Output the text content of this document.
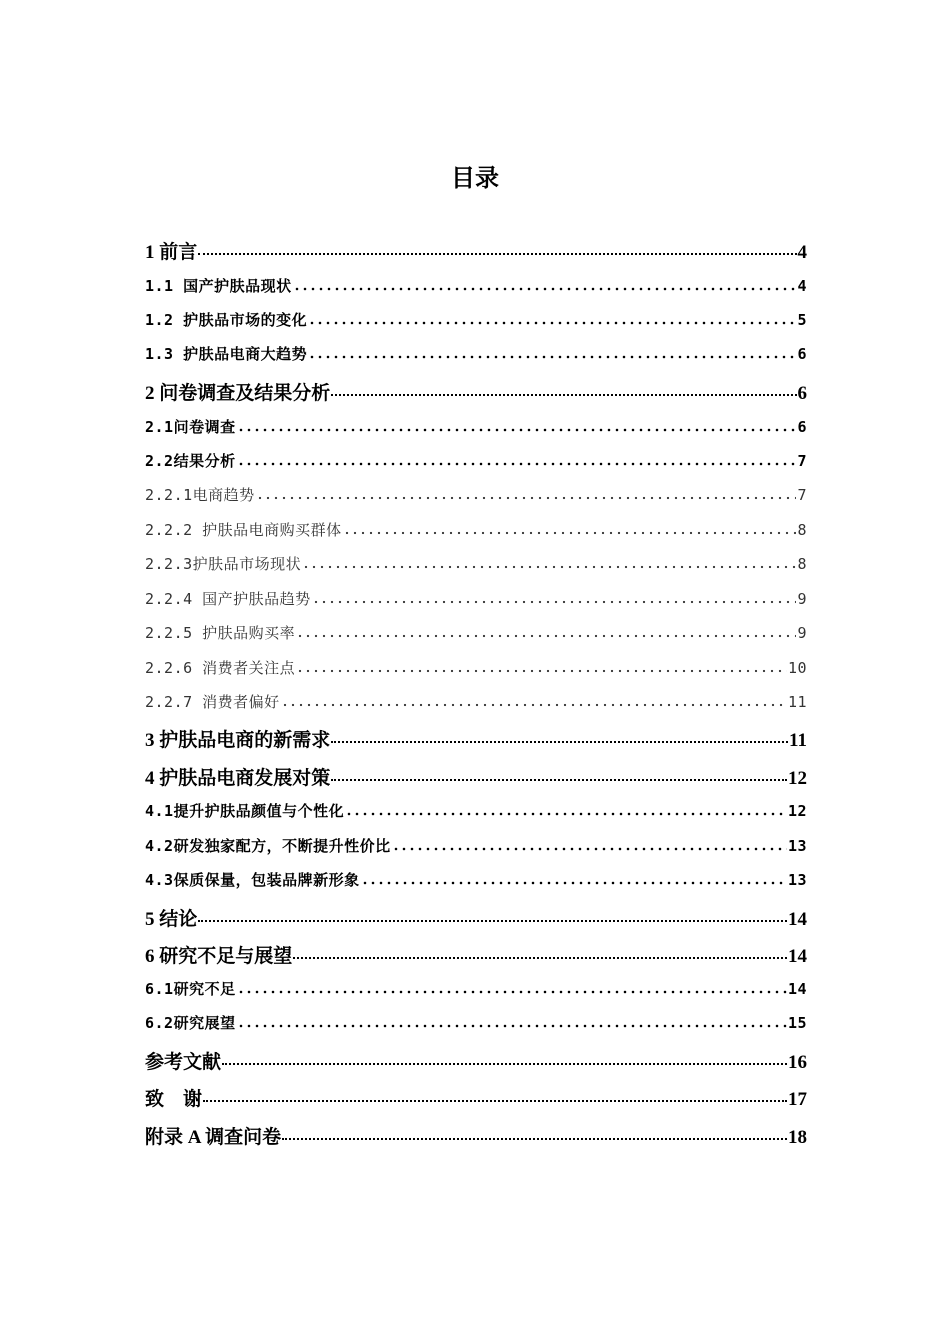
目录
1 前言	4
1.1 国产护肤品现状	4
1.2 护肤品市场的变化	5
1.3 护肤品电商大趋势	6
2 问卷调查及结果分析	6
2.1问卷调查	6
2.2结果分析	7
2.2.1电商趋势	7
2.2.2 护肤品电商购买群体	8
2.2.3护肤品市场现状	8
2.2.4 国产护肤品趋势	9
2.2.5 护肤品购买率	9
2.2.6 消费者关注点	10
2.2.7 消费者偏好	11
3 护肤品电商的新需求	11
4 护肤品电商发展对策	12
4.1提升护肤品颜值与个性化	12
4.2研发独家配方，不断提升性价比	13
4.3保质保量，包装品牌新形象	13
5 结论	14
6 研究不足与展望	14
6.1研究不足	14
6.2研究展望	15
参考文献	16
致　谢	17
附录 A 调查问卷	18
